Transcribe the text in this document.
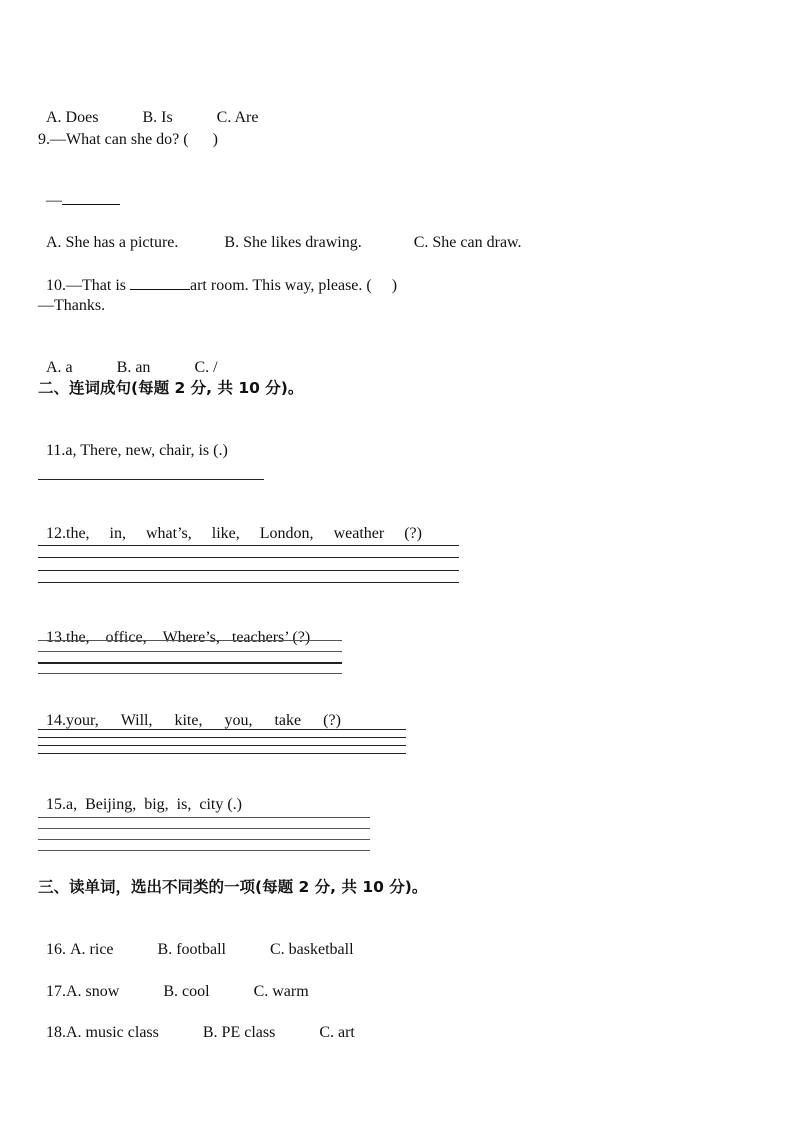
A. Does	B. Is	C. Are

9.—What can she do? (      )

—

A. She has a picture.	B. She likes drawing.	C. She can draw.

10.—That is	art room. This way, please. (     )

—Thanks.

A. a	B. an	C. /

二、连词成句(每题 2 分, 共 10 分)。

11.a, There, new, chair, is (.)

12.the, in, what’s, like, London, weather (?)

13.the, office, Where’s, teachers’ (?)

14.your, Will, kite, you, take (?)

15.a, Beijing, big, is, city (.)

三、读单词，选出不同类的一项(每题 2 分, 共 10 分)。

16. A. rice	B. football	C. basketball

17.A. snow	B. cool	C. warm

18.A. music class	B. PE class	C. art
